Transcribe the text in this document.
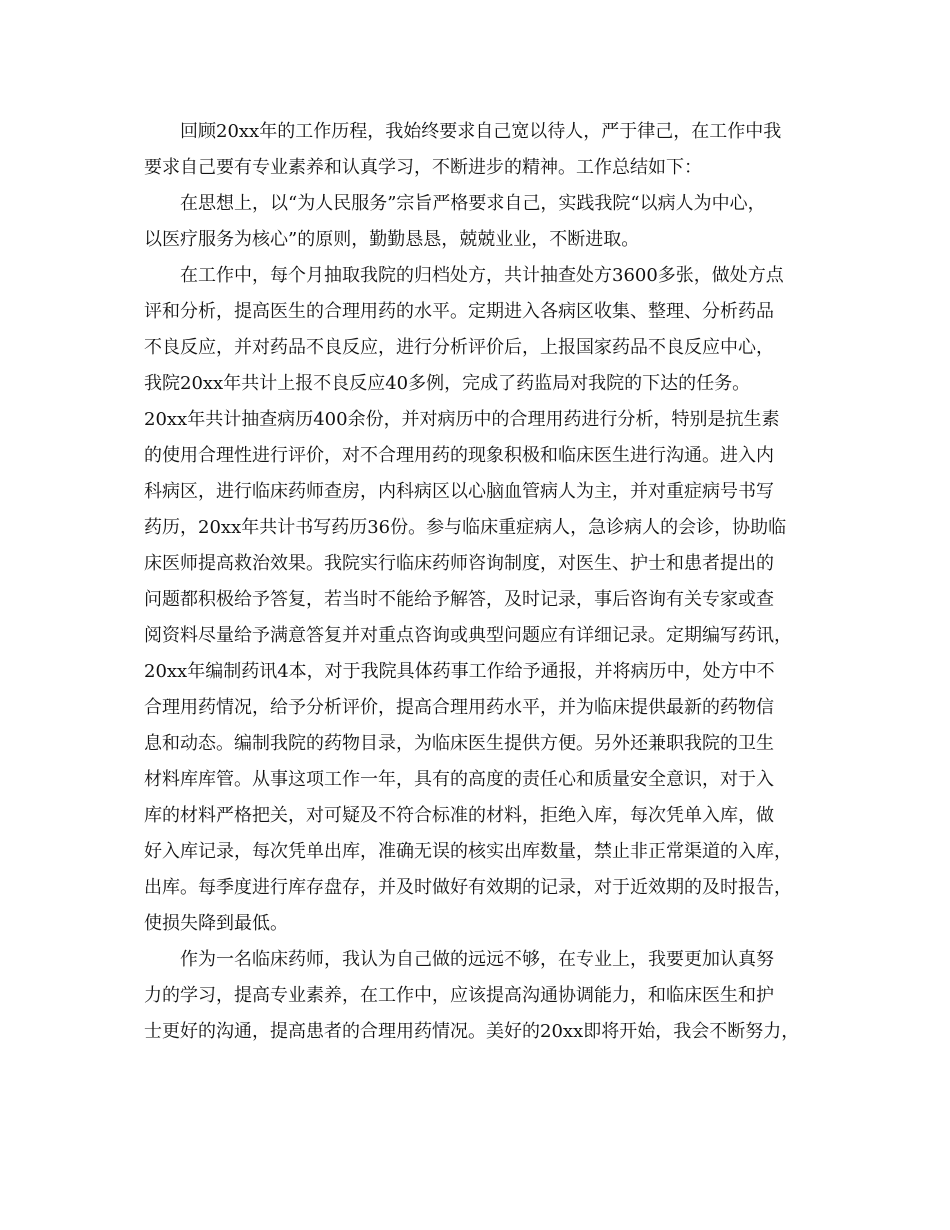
回顾20xx年的工作历程，我始终要求自己宽以待人，严于律己，在工作中我

要求自己要有专业素养和认真学习，不断进步的精神。工作总结如下：

在思想上，以“为人民服务”宗旨严格要求自己，实践我院“以病人为中心，

以医疗服务为核心”的原则，勤勤恳恳，兢兢业业，不断进取。

在工作中，每个月抽取我院的归档处方，共计抽查处方3600多张，做处方点

评和分析，提高医生的合理用药的水平。定期进入各病区收集、整理、分析药品

不良反应，并对药品不良反应，进行分析评价后，上报国家药品不良反应中心，

我院20xx年共计上报不良反应40多例，完成了药监局对我院的下达的任务。

20xx年共计抽查病历400余份，并对病历中的合理用药进行分析，特别是抗生素

的使用合理性进行评价，对不合理用药的现象积极和临床医生进行沟通。进入内

科病区，进行临床药师查房，内科病区以心脑血管病人为主，并对重症病号书写

药历，20xx年共计书写药历36份。参与临床重症病人，急诊病人的会诊，协助临

床医师提高救治效果。我院实行临床药师咨询制度，对医生、护士和患者提出的

问题都积极给予答复，若当时不能给予解答，及时记录，事后咨询有关专家或查

阅资料尽量给予满意答复并对重点咨询或典型问题应有详细记录。定期编写药讯，

20xx年编制药讯4本，对于我院具体药事工作给予通报，并将病历中，处方中不

合理用药情况，给予分析评价，提高合理用药水平，并为临床提供最新的药物信

息和动态。编制我院的药物目录，为临床医生提供方便。另外还兼职我院的卫生

材料库库管。从事这项工作一年，具有的高度的责任心和质量安全意识，对于入

库的材料严格把关，对可疑及不符合标准的材料，拒绝入库，每次凭单入库，做

好入库记录，每次凭单出库，准确无误的核实出库数量，禁止非正常渠道的入库，

出库。每季度进行库存盘存，并及时做好有效期的记录，对于近效期的及时报告，

使损失降到最低。

作为一名临床药师，我认为自己做的远远不够，在专业上，我要更加认真努

力的学习，提高专业素养，在工作中，应该提高沟通协调能力，和临床医生和护

士更好的沟通，提高患者的合理用药情况。美好的20xx即将开始，我会不断努力，
